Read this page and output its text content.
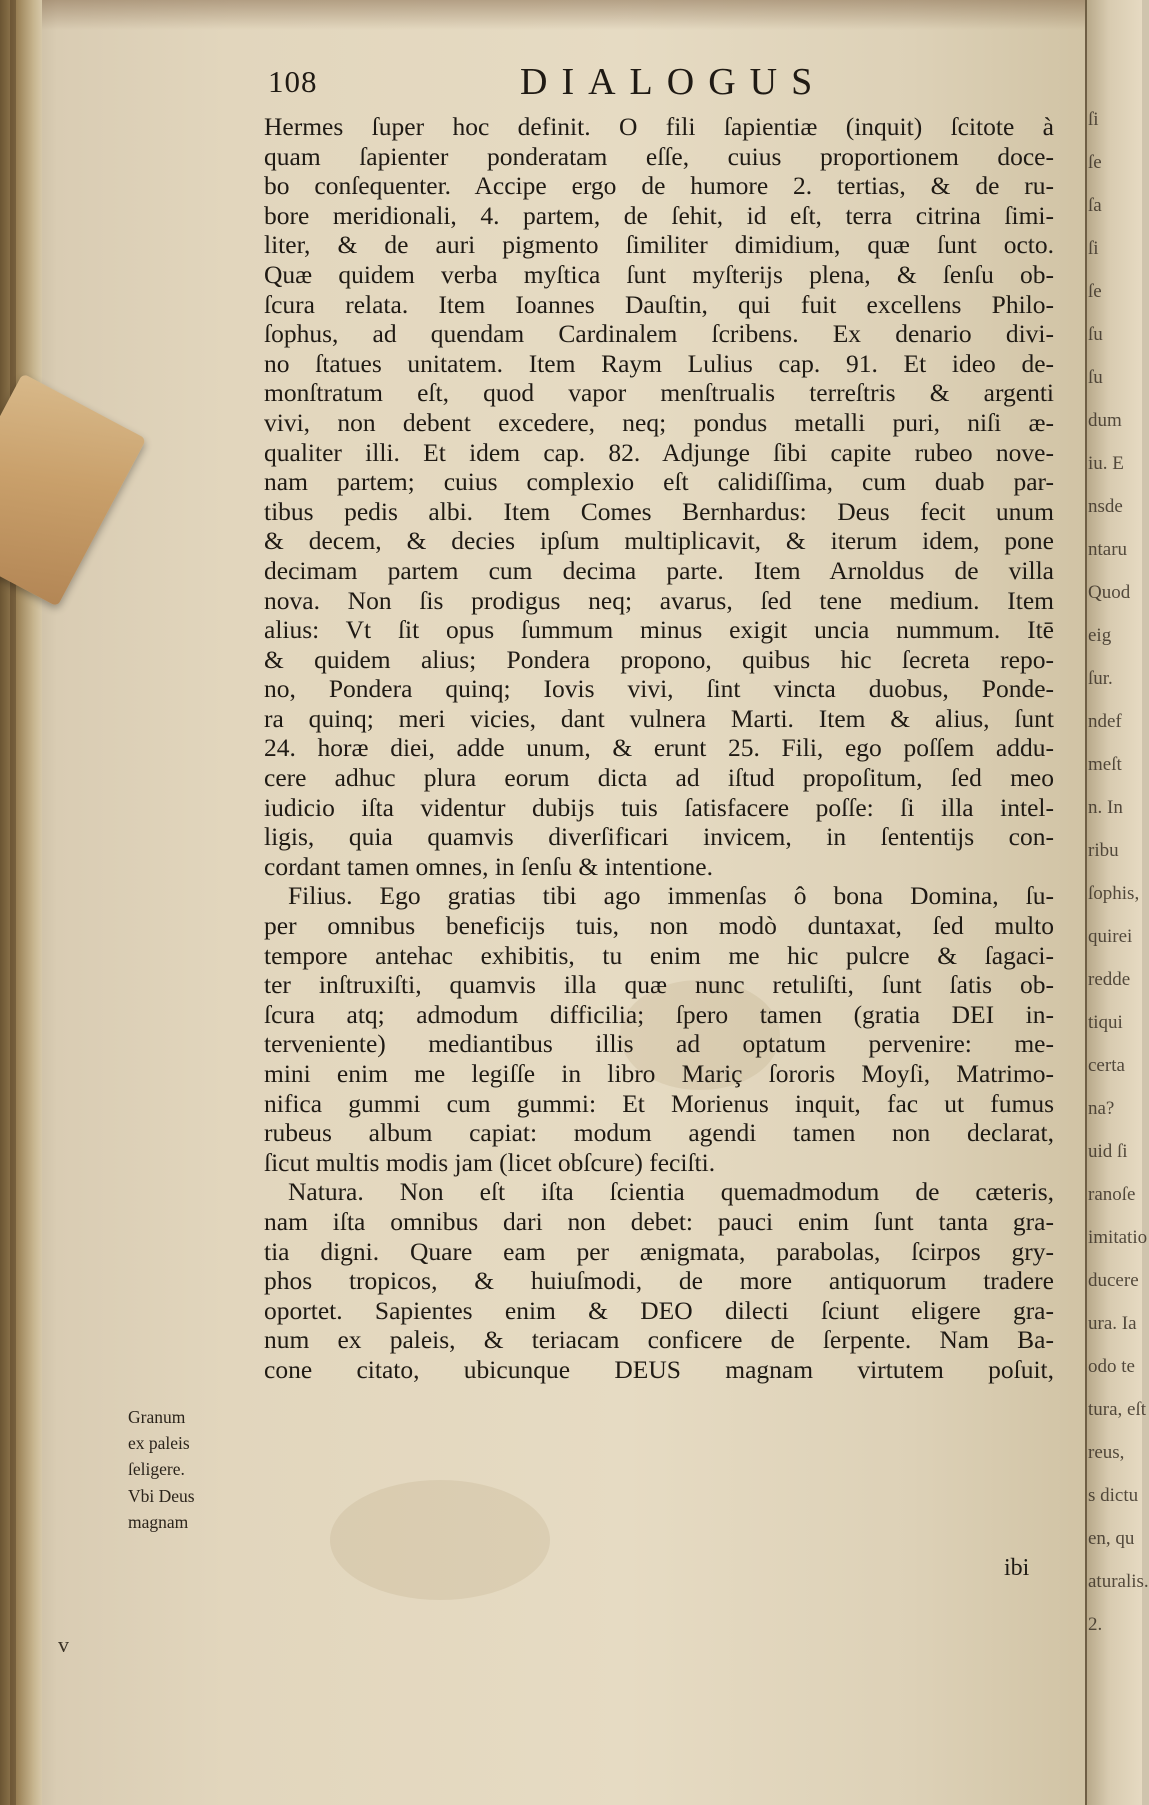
ſi
ſe
ſa
ſi
ſe
ſu
ſu
dum
iu. E
nsde
ntaru
Quod
eig
ſur.
ndef
meſt
n. In
ribu
ſophis,
quirei
redde
tiqui
certa
na?
uid ſi
ranoſe
imitatio
ducere
ura. Ia
odo te
tura, eſt
reus,
s dictu
en, qu
aturalis.
2.
108	DIALOGUS
Hermes ſuper hoc definit. O fili ſapientiæ (inquit) ſcitote à
quam ſapienter ponderatam eſſe, cuius proportionem doce-
bo conſequenter. Accipe ergo de humore 2. tertias, & de ru-
bore meridionali, 4. partem, de ſehit, id eſt, terra citrina ſimi-
liter, & de auri pigmento ſimiliter dimidium, quæ ſunt octo.
Quæ quidem verba myſtica ſunt myſterijs plena, & ſenſu ob-
ſcura relata. Item Ioannes Dauſtin, qui fuit excellens Philo-
ſophus, ad quendam Cardinalem ſcribens. Ex denario divi-
no ſtatues unitatem. Item Raym Lulius cap. 91. Et ideo de-
monſtratum eſt, quod vapor menſtrualis terreſtris & argenti
vivi, non debent excedere, neq; pondus metalli puri, niſi æ-
qualiter illi. Et idem cap. 82. Adjunge ſibi capite rubeo nove-
nam partem; cuius complexio eſt calidiſſima, cum duab par-
tibus pedis albi. Item Comes Bernhardus: Deus fecit unum
& decem, & decies ipſum multiplicavit, & iterum idem, pone
decimam partem cum decima parte. Item Arnoldus de villa
nova. Non ſis prodigus neq; avarus, ſed tene medium. Item
alius: Vt ſit opus ſummum minus exigit uncia nummum. Itē
& quidem alius; Pondera propono, quibus hic ſecreta repo-
no, Pondera quinq; Iovis vivi, ſint vincta duobus, Ponde-
ra quinq; meri vicies, dant vulnera Marti. Item & alius, ſunt
24. horæ diei, adde unum, & erunt 25. Fili, ego poſſem addu-
cere adhuc plura eorum dicta ad iſtud propoſitum, ſed meo
iudicio iſta videntur dubijs tuis ſatisfacere poſſe: ſi illa intel-
ligis, quia quamvis diverſificari invicem, in ſententijs con-
cordant tamen omnes, in ſenſu & intentione.
Filius. Ego gratias tibi ago immenſas ô bona Domina, ſu-
per omnibus beneficijs tuis, non modò duntaxat, ſed multo
tempore antehac exhibitis, tu enim me hic pulcre & ſagaci-
ter inſtruxiſti, quamvis illa quæ nunc retuliſti, ſunt ſatis ob-
ſcura atq; admodum difficilia; ſpero tamen (gratia DEI in-
terveniente) mediantibus illis ad optatum pervenire: me-
mini enim me legiſſe in libro Mariç ſororis Moyſi, Matrimo-
nifica gummi cum gummi: Et Morienus inquit, fac ut fumus
rubeus album capiat: modum agendi tamen non declarat,
ſicut multis modis jam (licet obſcure) feciſti.
Natura. Non eſt iſta ſcientia quemadmodum de cæteris,
nam iſta omnibus dari non debet: pauci enim ſunt tanta gra-
tia digni. Quare eam per ænigmata, parabolas, ſcirpos gry-
phos tropicos, & huiuſmodi, de more antiquorum tradere
oportet. Sapientes enim & DEO dilecti ſciunt eligere gra-
num ex paleis, & teriacam conficere de ſerpente. Nam Ba-
cone citato, ubicunque DEUS magnam virtutem poſuit,
Granum
ex paleis
ſeligere.
Vbi Deus
magnam
ibi
v
